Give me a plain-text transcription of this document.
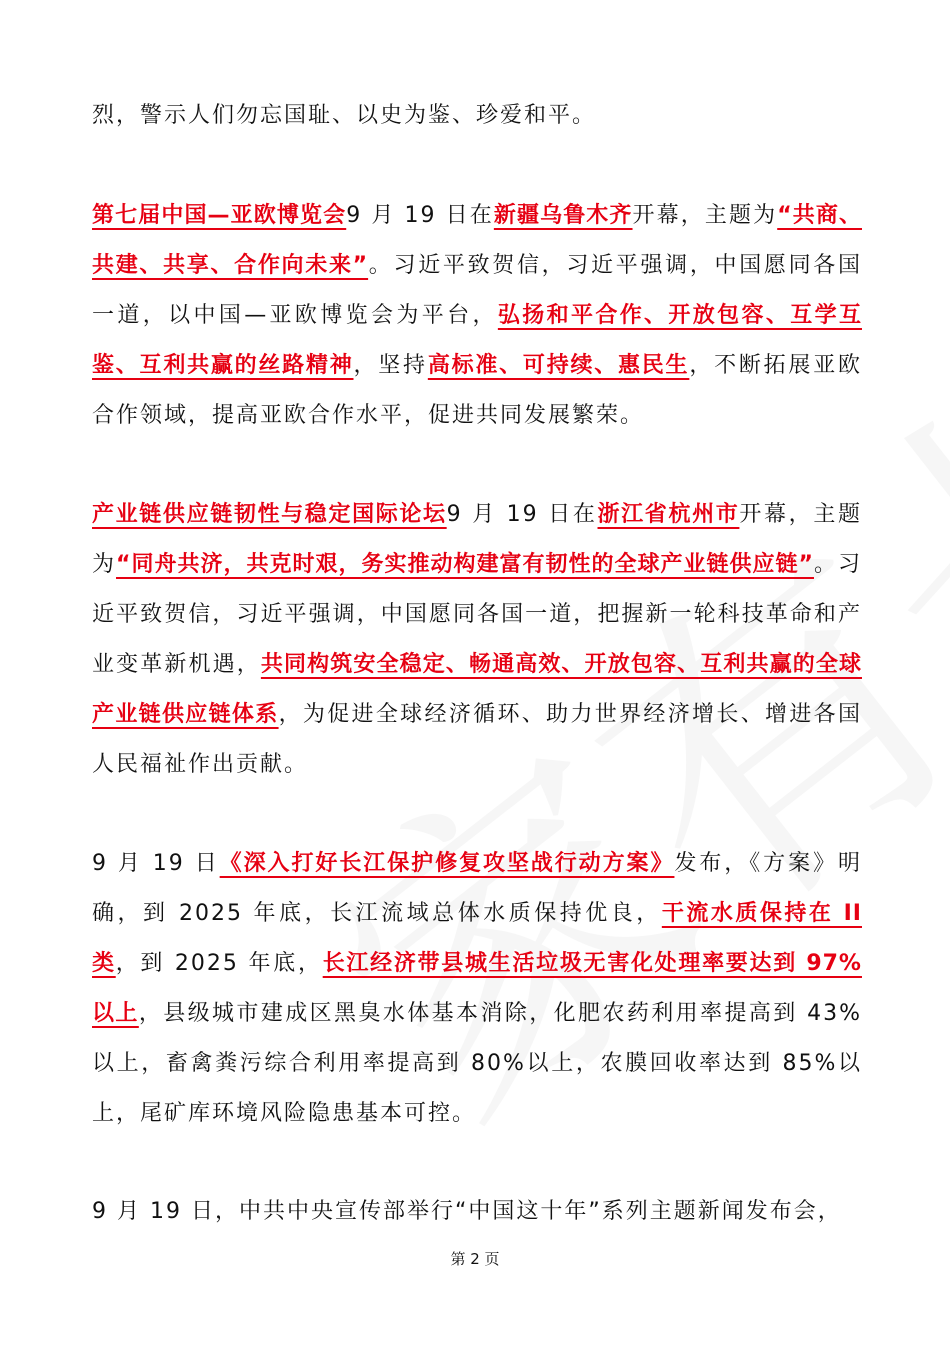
烈，警示人们勿忘国耻、以史为鉴、珍爱和平。
第七届中国—亚欧博览会9 月 19 日在新疆乌鲁木齐开幕，主题为“共商、共建、共享、合作向未来”。习近平致贺信，习近平强调，中国愿同各国一道，以中国—亚欧博览会为平台，弘扬和平合作、开放包容、互学互鉴、互利共赢的丝路精神，坚持高标准、可持续、惠民生，不断拓展亚欧合作领域，提高亚欧合作水平，促进共同发展繁荣。
产业链供应链韧性与稳定国际论坛9 月 19 日在浙江省杭州市开幕，主题为“同舟共济，共克时艰，务实推动构建富有韧性的全球产业链供应链”。习近平致贺信，习近平强调，中国愿同各国一道，把握新一轮科技革命和产业变革新机遇，共同构筑安全稳定、畅通高效、开放包容、互利共赢的全球产业链供应链体系，为促进全球经济循环、助力世界经济增长、增进各国人民福祉作出贡献。
9 月 19 日《深入打好长江保护修复攻坚战行动方案》发布，《方案》明确，到 2025 年底，长江流域总体水质保持优良，干流水质保持在 II 类，到 2025 年底，长江经济带县城生活垃圾无害化处理率要达到 97%以上，县级城市建成区黑臭水体基本消除，化肥农药利用率提高到 43%以上，畜禽粪污综合利用率提高到 80%以上，农膜回收率达到 85%以上，尾矿库环境风险隐患基本可控。
9 月 19 日，中共中央宣传部举行“中国这十年”系列主题新闻发布会，
第 2 页
